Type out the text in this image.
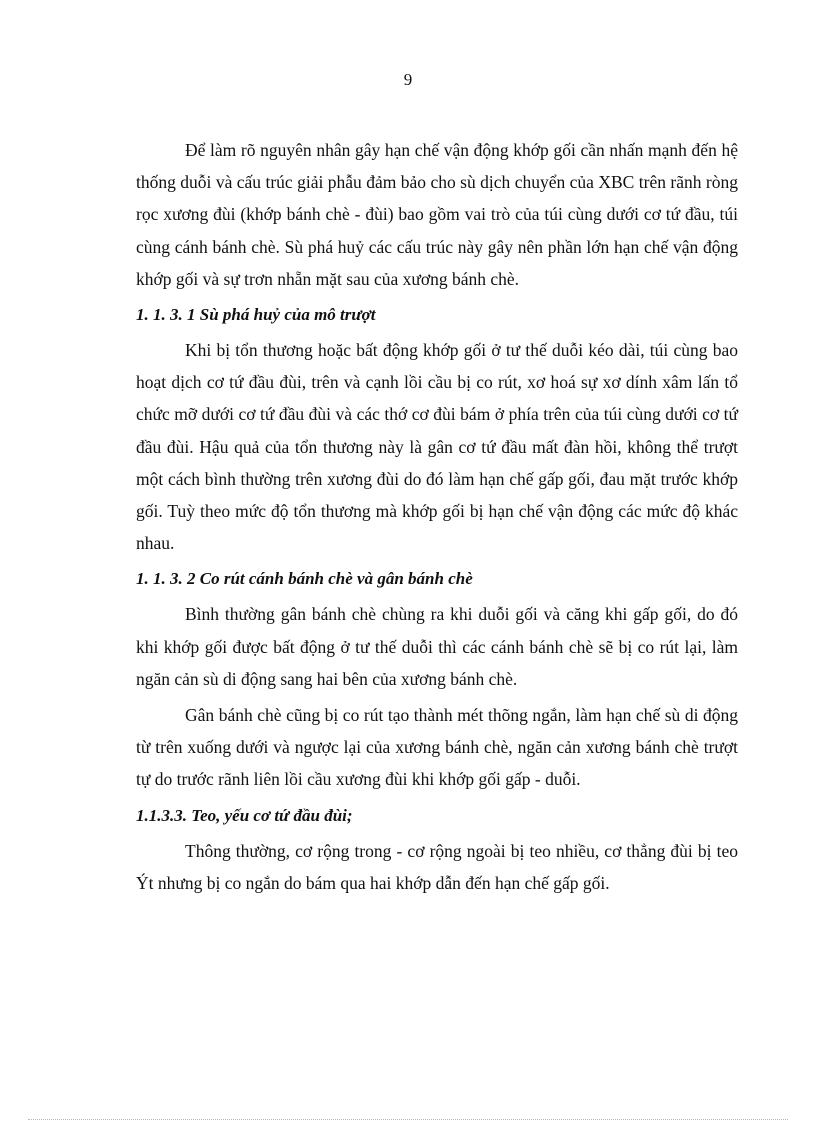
9

Để làm rõ nguyên nhân gây hạn chế vận động khớp gối cần nhấn mạnh đến hệ thống duỗi và cấu trúc giải phẫu đảm bảo cho sù dịch chuyển của XBC trên rãnh ròng rọc xương đùi (khớp bánh chè - đùi) bao gồm vai trò của túi cùng dưới cơ tứ đầu, túi cùng cánh bánh chè. Sù phá huỷ các cấu trúc này gây nên phần lớn hạn chế vận động khớp gối và sự trơn nhẵn mặt sau của xương bánh chè.

1. 1. 3. 1 Sù phá huỷ của mô trượt

Khi bị tổn thương hoặc bất động khớp gối ở tư thế duỗi kéo dài, túi cùng bao hoạt dịch cơ tứ đầu đùi, trên và cạnh lồi cầu bị co rút, xơ hoá sự xơ dính xâm lấn tổ chức mỡ dưới cơ tứ đầu đùi và các thớ cơ đùi bám ở phía trên của túi cùng dưới cơ tứ đầu đùi. Hậu quả của tổn thương này là gân cơ tứ đầu mất đàn hồi, không thể trượt một cách bình thường trên xương đùi do đó làm hạn chế gấp gối, đau mặt trước khớp gối. Tuỳ theo mức độ tổn thương mà khớp gối bị hạn chế vận động các mức độ khác nhau.

1. 1. 3. 2 Co rút cánh bánh chè và gân bánh chè

Bình thường gân bánh chè chùng ra khi duỗi gối và căng khi gấp gối, do đó khi khớp gối được bất động ở tư thế duỗi thì các cánh bánh chè sẽ bị co rút lại, làm ngăn cản sù di động sang hai bên của xương bánh chè.

Gân bánh chè cũng bị co rút tạo thành mét thõng ngắn, làm hạn chế sù di động từ trên xuống dưới và ngược lại của xương bánh chè, ngăn cản xương bánh chè trượt tự do trước rãnh liên lồi cầu xương đùi khi khớp gối gấp - duỗi.

1.1.3.3. Teo, yếu cơ tứ đầu đùi;

Thông thường, cơ rộng trong - cơ rộng ngoài bị teo nhiều, cơ thẳng đùi bị teo Ýt nhưng bị co ngắn do bám qua hai khớp dẫn đến hạn chế gấp gối.
